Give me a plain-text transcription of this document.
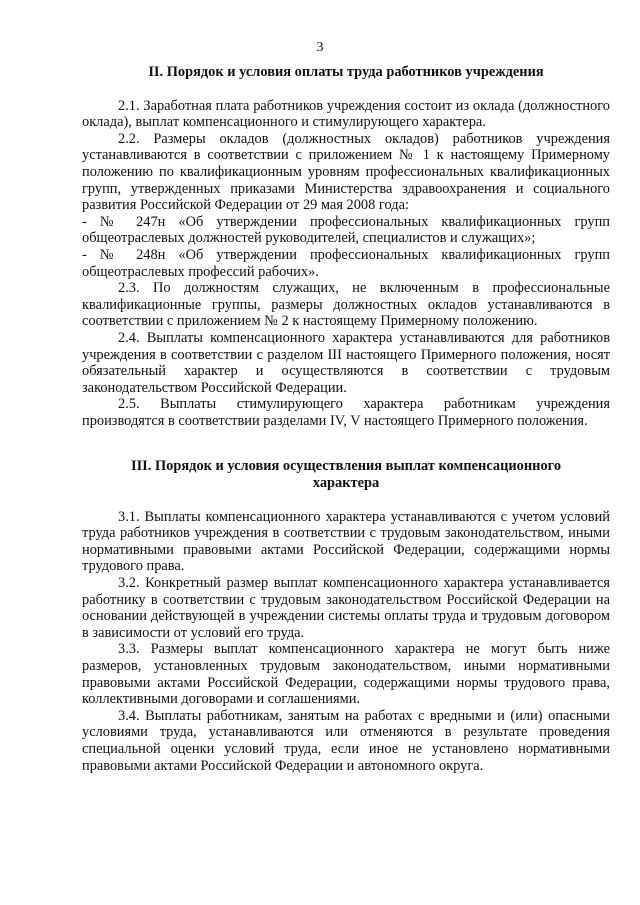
3
II. Порядок и условия оплаты труда работников учреждения

2.1. Заработная плата работников учреждения состоит из оклада (должностного оклада), выплат компенсационного и стимулирующего характера.

2.2. Размеры окладов (должностных окладов) работников учреждения устанавливаются в соответствии с приложением № 1 к настоящему Примерному положению по квалификационным уровням профессиональных квалификационных групп, утвержденных приказами Министерства здравоохранения и социального развития Российской Федерации от 29 мая 2008 года:

- № 247н «Об утверждении профессиональных квалификационных групп общеотраслевых должностей руководителей, специалистов и служащих»;

- № 248н «Об утверждении профессиональных квалификационных групп общеотраслевых профессий рабочих».

2.3. По должностям служащих, не включенным в профессиональные квалификационные группы, размеры должностных окладов устанавливаются в соответствии с приложением № 2 к настоящему Примерному положению.

2.4. Выплаты компенсационного характера устанавливаются для работников учреждения в соответствии с разделом III настоящего Примерного положения, носят обязательный характер и осуществляются в соответствии с трудовым законодательством Российской Федерации.

2.5. Выплаты стимулирующего характера работникам учреждения производятся в соответствии разделами IV, V настоящего Примерного положения.

III. Порядок и условия осуществления выплат компенсационного характера

3.1. Выплаты компенсационного характера устанавливаются с учетом условий труда работников учреждения в соответствии с трудовым законодательством, иными нормативными правовыми актами Российской Федерации, содержащими нормы трудового права.

3.2. Конкретный размер выплат компенсационного характера устанавливается работнику в соответствии с трудовым законодательством Российской Федерации на основании действующей в учреждении системы оплаты труда и трудовым договором в зависимости от условий его труда.

3.3. Размеры выплат компенсационного характера не могут быть ниже размеров, установленных трудовым законодательством, иными нормативными правовыми актами Российской Федерации, содержащими нормы трудового права, коллективными договорами и соглашениями.

3.4. Выплаты работникам, занятым на работах с вредными и (или) опасными условиями труда, устанавливаются или отменяются в результате проведения специальной оценки условий труда, если иное не установлено нормативными правовыми актами Российской Федерации и автономного округа.
